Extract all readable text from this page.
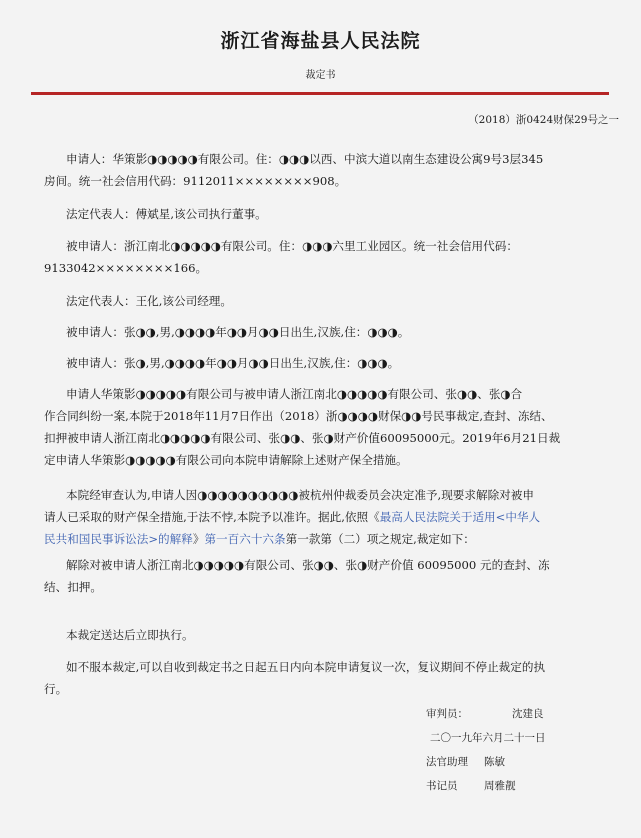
浙江省海盐县人民法院
裁定书
（2018）浙0424财保29号之一
申请人：华策影◑◑◑◑◑有限公司。住：◑◑◑以西、中滨大道以南生态建设公寓9号3层345
房间。统一社会信用代码：9112011××××××××908。
法定代表人：傅斌星,该公司执行董事。
被申请人：浙江南北◑◑◑◑◑有限公司。住：◑◑◑六里工业园区。统一社会信用代码：
9133042××××××××166。
法定代表人：王化,该公司经理。
被申请人：张◑◑,男,◑◑◑◑年◑◑月◑◑日出生,汉族,住：◑◑◑。
被申请人：张◑,男,◑◑◑◑年◑◑月◑◑日出生,汉族,住：◑◑◑。
申请人华策影◑◑◑◑◑有限公司与被申请人浙江南北◑◑◑◑◑有限公司、张◑◑、张◑合
作合同纠纷一案,本院于2018年11月7日作出（2018）浙◑◑◑◑财保◑◑号民事裁定,查封、冻结、
扣押被申请人浙江南北◑◑◑◑◑有限公司、张◑◑、张◑财产价值60095000元。2019年6月21日裁
定申请人华策影◑◑◑◑◑有限公司向本院申请解除上述财产保全措施。
本院经审查认为,申请人因◑◑◑◑◑◑◑◑◑◑被杭州仲裁委员会决定准予,现要求解除对被申
请人已采取的财产保全措施,于法不悖,本院予以准许。据此,依照《最高人民法院关于适用<中华人
民共和国民事诉讼法>的解释》第一百六十六条第一款第（二）项之规定,裁定如下：
解除对被申请人浙江南北◑◑◑◑◑有限公司、张◑◑、张◑财产价值 60095000 元的查封、冻
结、扣押。
本裁定送达后立即执行。
如不服本裁定,可以自收到裁定书之日起五日内向本院申请复议一次，复议期间不停止裁定的执
行。
审判员：	沈建良
二〇一九年六月二十一日
法官助理 陈敏
书记员	周雅靓
